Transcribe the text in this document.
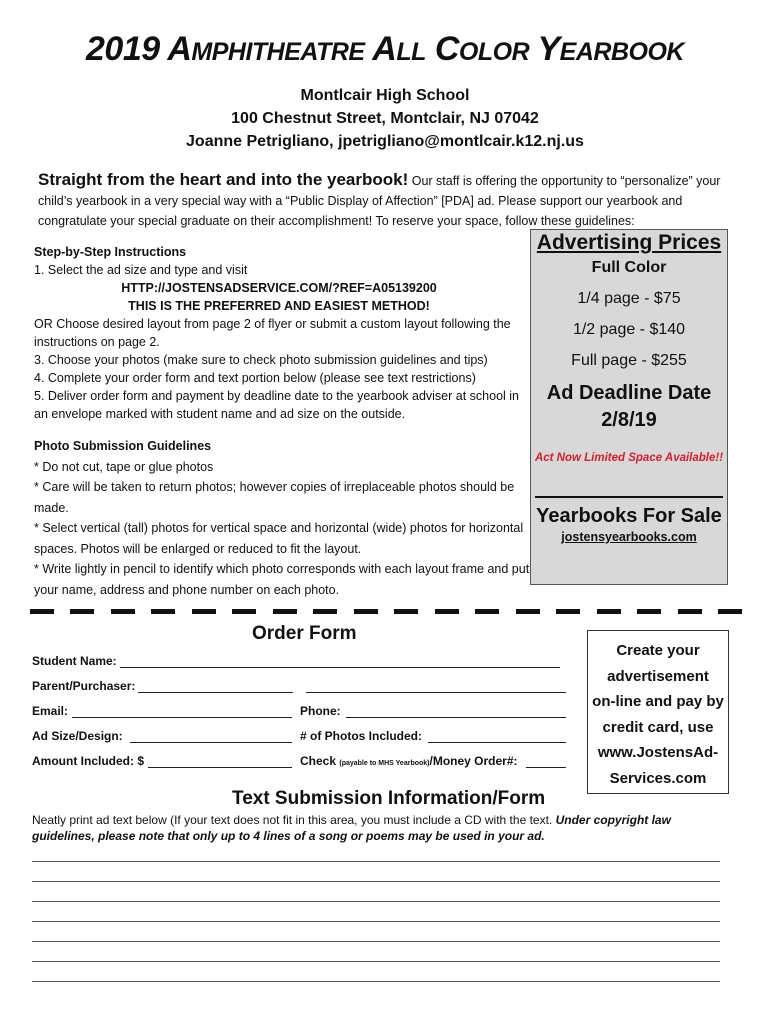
2019 AMPHITHEATRE ALL COLOR YEARBOOK
Montlcair High School
100 Chestnut Street, Montclair, NJ 07042
Joanne Petrigliano, jpetrigliano@montlcair.k12.nj.us
Straight from the heart and into the yearbook! Our staff is offering the opportunity to “personalize” your child’s yearbook in a very special way with a “Public Display of Affection” [PDA] ad. Please support our yearbook and congratulate your special graduate on their accomplishment! To reserve your space, follow these guidelines:
Step-by-Step Instructions
1. Select the ad size and type and visit
HTTP://JOSTENSADSERVICE.COM/?REF=A05139200
THIS IS THE PREFERRED AND EASIEST METHOD!
OR Choose desired layout from page 2 of flyer or submit a custom layout following the instructions on page 2.
3. Choose your photos (make sure to check photo submission guidelines and tips)
4. Complete your order form and text portion below (please see text restrictions)
5. Deliver order form and payment by deadline date to the yearbook adviser at school in an envelope marked with student name and ad size on the outside.
Photo Submission Guidelines
* Do not cut, tape or glue photos
* Care will be taken to return photos; however copies of irreplaceable photos should be made.
* Select vertical (tall) photos for vertical space and horizontal (wide) photos for horizontal spaces. Photos will be enlarged or reduced to fit the layout.
* Write lightly in pencil to identify which photo corresponds with each layout frame and put your name, address and phone number on each photo.
Advertising Prices
Full Color
1/4 page - $75
1/2 page - $140
Full page - $255
Ad Deadline Date
2/8/19
Act Now Limited Space Available!!
Yearbooks For Sale
jostensyearbooks.com
Order Form
Student Name:
Parent/Purchaser:
Email:	Phone:
Ad Size/Design:	# of Photos Included:
Amount Included: $	Check (payable to MHS Yearbook)/Money Order#:
Create your
advertisement
on-line and pay by
credit card, use
www.JostensAd-
Services.com
Text Submission Information/Form
Neatly print ad text below (If your text does not fit in this area, you must include a CD with the text. Under copyright law guidelines, please note that only up to 4 lines of a song or poems may be used in your ad.
